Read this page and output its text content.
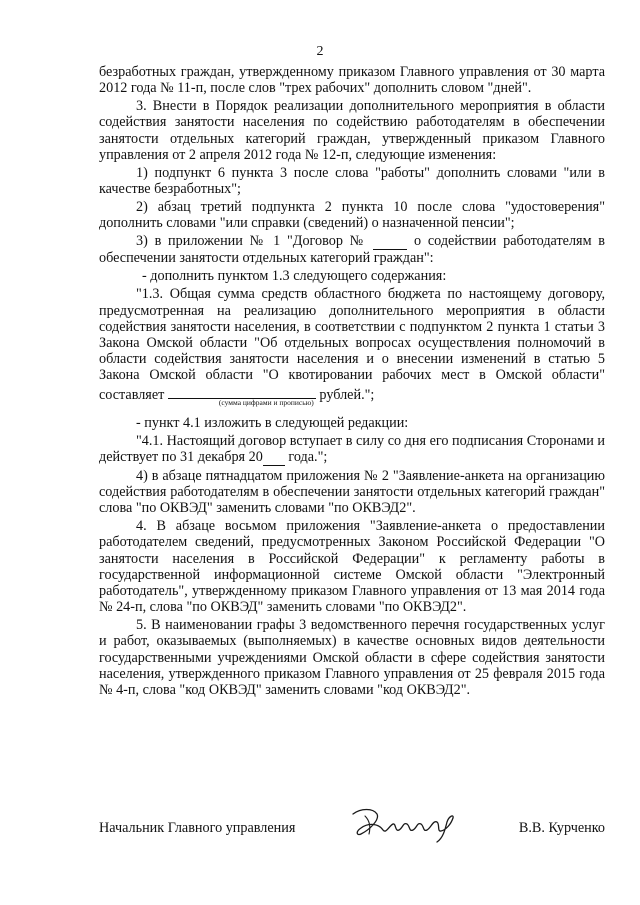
2

безработных граждан, утвержденному приказом Главного управления от 30 марта 2012 года № 11-п, после слов "трех рабочих" дополнить словом "дней".

3. Внести в Порядок реализации дополнительного мероприятия в области содействия занятости населения по содействию работодателям в обеспечении занятости отдельных категорий граждан, утвержденный приказом Главного управления от 2 апреля 2012 года № 12-п, следующие изменения:

1) подпункт 6 пункта 3 после слова "работы" дополнить словами "или в качестве безработных";

2) абзац третий подпункта 2 пункта 10 после слова "удостоверения" дополнить словами "или справки (сведений) о назначенной пенсии";

3) в приложении № 1 "Договор №	о содействии работодателям в обеспечении занятости отдельных категорий граждан":

- дополнить пунктом 1.3 следующего содержания:

"1.3. Общая сумма средств областного бюджета по настоящему договору, предусмотренная на реализацию дополнительного мероприятия в области содействия занятости населения, в соответствии с подпунктом 2 пункта 1 статьи 3 Закона Омской области "Об отдельных вопросах осуществления полномочий в области содействия занятости населения и о внесении изменений в статью 5 Закона Омской области "О квотировании рабочих мест в Омской области" составляет	(сумма цифрами и прописью) рублей.";

- пункт 4.1 изложить в следующей редакции:

"4.1. Настоящий договор вступает в силу со дня его подписания Сторонами и действует по 31 декабря 20 года.";

4) в абзаце пятнадцатом приложения № 2 "Заявление-анкета на организацию содействия работодателям в обеспечении занятости отдельных категорий граждан" слова "по ОКВЭД" заменить словами "по ОКВЭД2".

4. В абзаце восьмом приложения "Заявление-анкета о предоставлении работодателем сведений, предусмотренных Законом Российской Федерации "О занятости населения в Российской Федерации" к регламенту работы в государственной информационной системе Омской области "Электронный работодатель", утвержденному приказом Главного управления от 13 мая 2014 года № 24-п, слова "по ОКВЭД" заменить словами "по ОКВЭД2".

5. В наименовании графы 3 ведомственного перечня государственных услуг и работ, оказываемых (выполняемых) в качестве основных видов деятельности государственными учреждениями Омской области в сфере содействия занятости населения, утвержденного приказом Главного управления от 25 февраля 2015 года № 4-п, слова "код ОКВЭД" заменить словами "код ОКВЭД2".

Начальник Главного управления	В.В. Курченко
